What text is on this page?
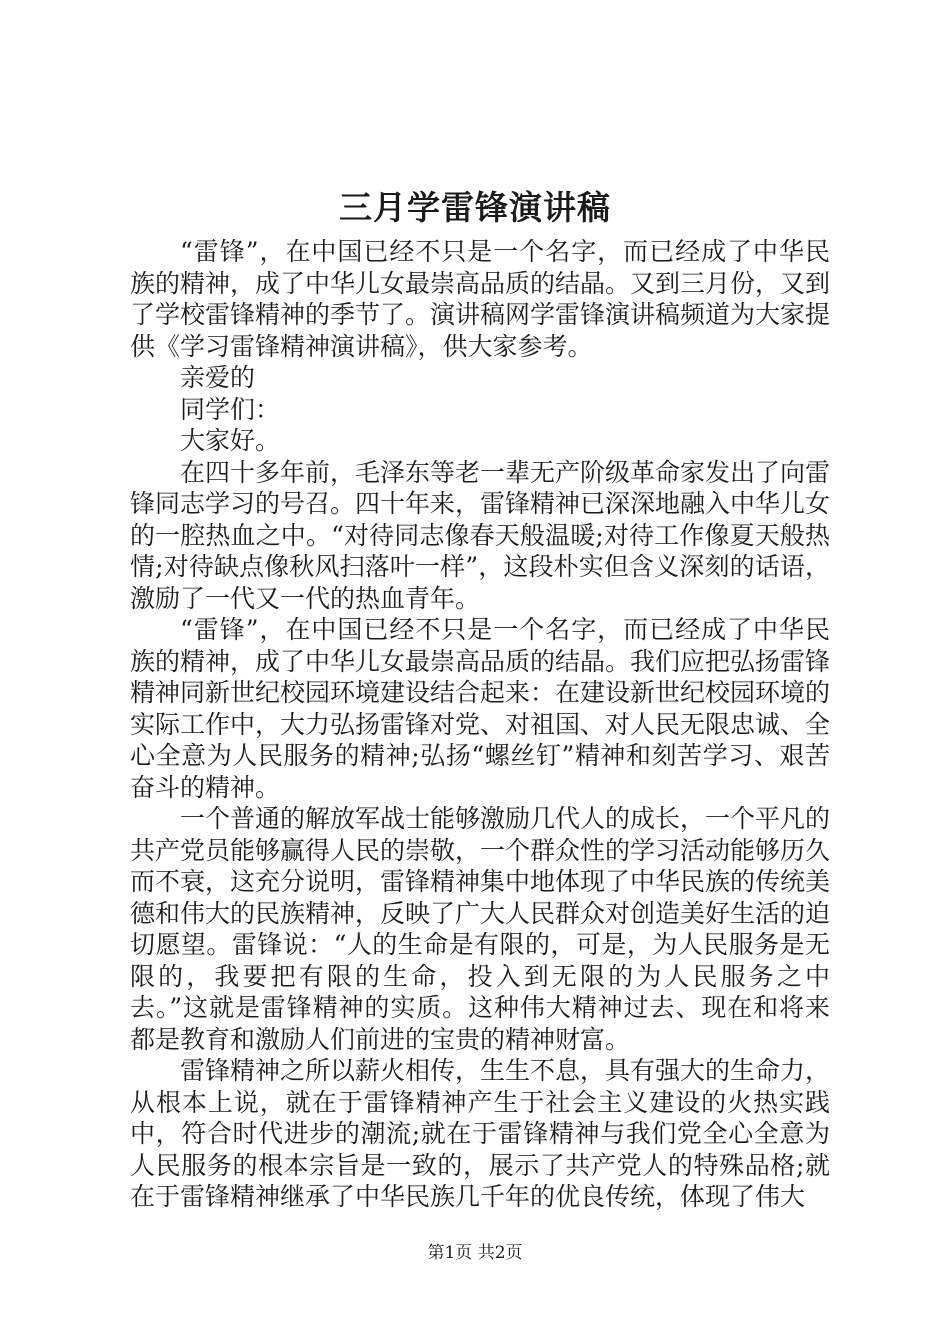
三月学雷锋演讲稿

“雷锋”，在中国已经不只是一个名字，而已经成了中华民族的精神，成了中华儿女最崇高品质的结晶。又到三月份，又到了学校雷锋精神的季节了。演讲稿网学雷锋演讲稿频道为大家提供《学习雷锋精神演讲稿》，供大家参考。

亲爱的

同学们：

大家好。

在四十多年前，毛泽东等老一辈无产阶级革命家发出了向雷锋同志学习的号召。四十年来，雷锋精神已深深地融入中华儿女的一腔热血之中。“对待同志像春天般温暖;对待工作像夏天般热情;对待缺点像秋风扫落叶一样”，这段朴实但含义深刻的话语，激励了一代又一代的热血青年。

“雷锋”，在中国已经不只是一个名字，而已经成了中华民族的精神，成了中华儿女最崇高品质的结晶。我们应把弘扬雷锋精神同新世纪校园环境建设结合起来：在建设新世纪校园环境的实际工作中，大力弘扬雷锋对党、对祖国、对人民无限忠诚、全心全意为人民服务的精神;弘扬“螺丝钉”精神和刻苦学习、艰苦奋斗的精神。

一个普通的解放军战士能够激励几代人的成长，一个平凡的共产党员能够赢得人民的崇敬，一个群众性的学习活动能够历久而不衰，这充分说明，雷锋精神集中地体现了中华民族的传统美德和伟大的民族精神，反映了广大人民群众对创造美好生活的迫切愿望。雷锋说：“人的生命是有限的，可是，为人民服务是无限的，我要把有限的生命，投入到无限的为人民服务之中去。”这就是雷锋精神的实质。这种伟大精神过去、现在和将来都是教育和激励人们前进的宝贵的精神财富。

雷锋精神之所以薪火相传，生生不息，具有强大的生命力，从根本上说，就在于雷锋精神产生于社会主义建设的火热实践中，符合时代进步的潮流;就在于雷锋精神与我们党全心全意为人民服务的根本宗旨是一致的，展示了共产党人的特殊品格;就在于雷锋精神继承了中华民族几千年的优良传统，体现了伟大

第1页 共2页
